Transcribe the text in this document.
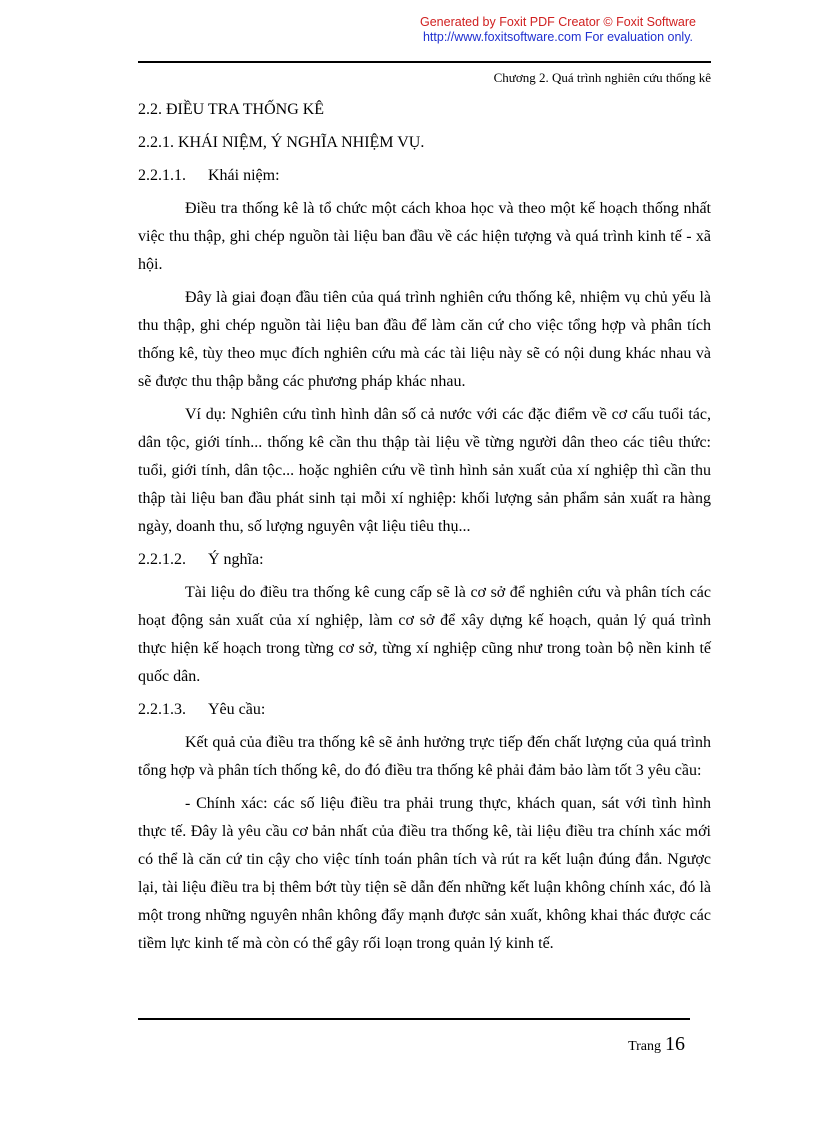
Generated by Foxit PDF Creator © Foxit Software
http://www.foxitsoftware.com For evaluation only.
Chương 2. Quá trình nghiên cứu thống kê
2.2. ĐIỀU TRA THỐNG KÊ
2.2.1. KHÁI NIỆM, Ý NGHĨA NHIỆM VỤ.
2.2.1.1. Khái niệm:

Điều tra thống kê là tổ chức một cách khoa học và theo một kế hoạch thống nhất việc thu thập, ghi chép nguồn tài liệu ban đầu về các hiện tượng và quá trình kinh tế - xã hội.

Đây là giai đoạn đầu tiên của quá trình nghiên cứu thống kê, nhiệm vụ chủ yếu là thu thập, ghi chép nguồn tài liệu ban đầu để làm căn cứ cho việc tổng hợp và phân tích thống kê, tùy theo mục đích nghiên cứu mà các tài liệu này sẽ có nội dung khác nhau và sẽ được thu thập bằng các phương pháp khác nhau.

Ví dụ: Nghiên cứu tình hình dân số cả nước với các đặc điểm về cơ cấu tuổi tác, dân tộc, giới tính... thống kê cần thu thập tài liệu về từng người dân theo các tiêu thức: tuổi, giới tính, dân tộc... hoặc nghiên cứu về tình hình sản xuất của xí nghiệp thì cần thu thập tài liệu ban đầu phát sinh tại mỗi xí nghiệp: khối lượng sản phẩm sản xuất ra hàng ngày, doanh thu, số lượng nguyên vật liệu tiêu thụ...

2.2.1.2. Ý nghĩa:

Tài liệu do điều tra thống kê cung cấp sẽ là cơ sở để nghiên cứu và phân tích các hoạt động sản xuất của xí nghiệp, làm cơ sở để xây dựng kế hoạch, quản lý quá trình thực hiện kế hoạch trong từng cơ sở, từng xí nghiệp cũng như trong toàn bộ nền kinh tế quốc dân.

2.2.1.3. Yêu cầu:

Kết quả của điều tra thống kê sẽ ảnh hưởng trực tiếp đến chất lượng của quá trình tổng hợp và phân tích thống kê, do đó điều tra thống kê phải đảm bảo làm tốt 3 yêu cầu:

- Chính xác: các số liệu điều tra phải trung thực, khách quan, sát với tình hình thực tế. Đây là yêu cầu cơ bản nhất của điều tra thống kê, tài liệu điều tra chính xác mới có thể là căn cứ tin cậy cho việc tính toán phân tích và rút ra kết luận đúng đắn. Ngược lại, tài liệu điều tra bị thêm bớt tùy tiện sẽ dẫn đến những kết luận không chính xác, đó là một trong những nguyên nhân không đẩy mạnh được sản xuất, không khai thác được các tiềm lực kinh tế mà còn có thể gây rối loạn trong quản lý kinh tế.

Trang 16
